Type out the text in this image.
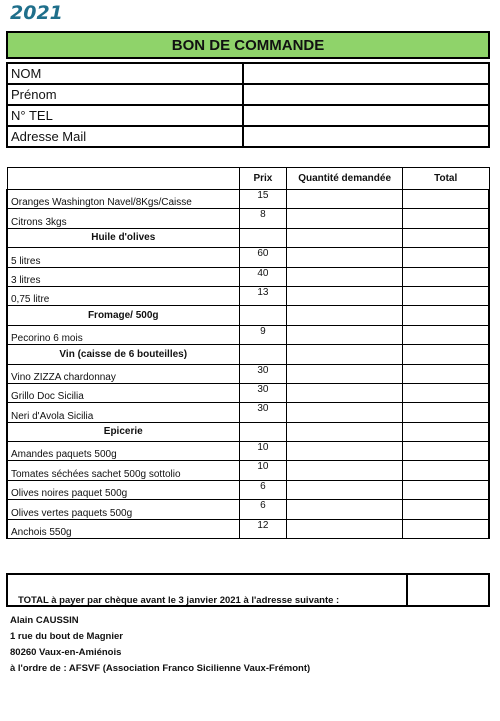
2021
BON DE COMMANDE
NOM	
Prénom	
N° TEL	
Adresse Mail	
	Prix	Quantité demandée	Total
Oranges Washington Navel/8Kgs/Caisse	15		
Citrons 3kgs	8		
Huile d'olives			
5 litres	60		
3 litres	40		
0,75 litre	13		
Fromage/ 500g			
Pecorino 6 mois	9		
Vin (caisse de 6 bouteilles)			
Vino ZIZZA chardonnay	30		
Grillo Doc Sicilia	30		
Neri d'Avola Sicilia	30		
Epicerie			
Amandes paquets 500g	10		
Tomates séchées sachet 500g sottolio	10		
Olives noires paquet 500g	6		
Olives vertes paquets 500g	6		
Anchois 550g	12		
TOTAL à payer par chèque avant le 3 janvier 2021 à l'adresse suivante :
Alain CAUSSIN
1 rue du bout de Magnier
80260 Vaux-en-Amiénois
à l'ordre de : AFSVF (Association Franco Sicilienne Vaux-Frémont)
